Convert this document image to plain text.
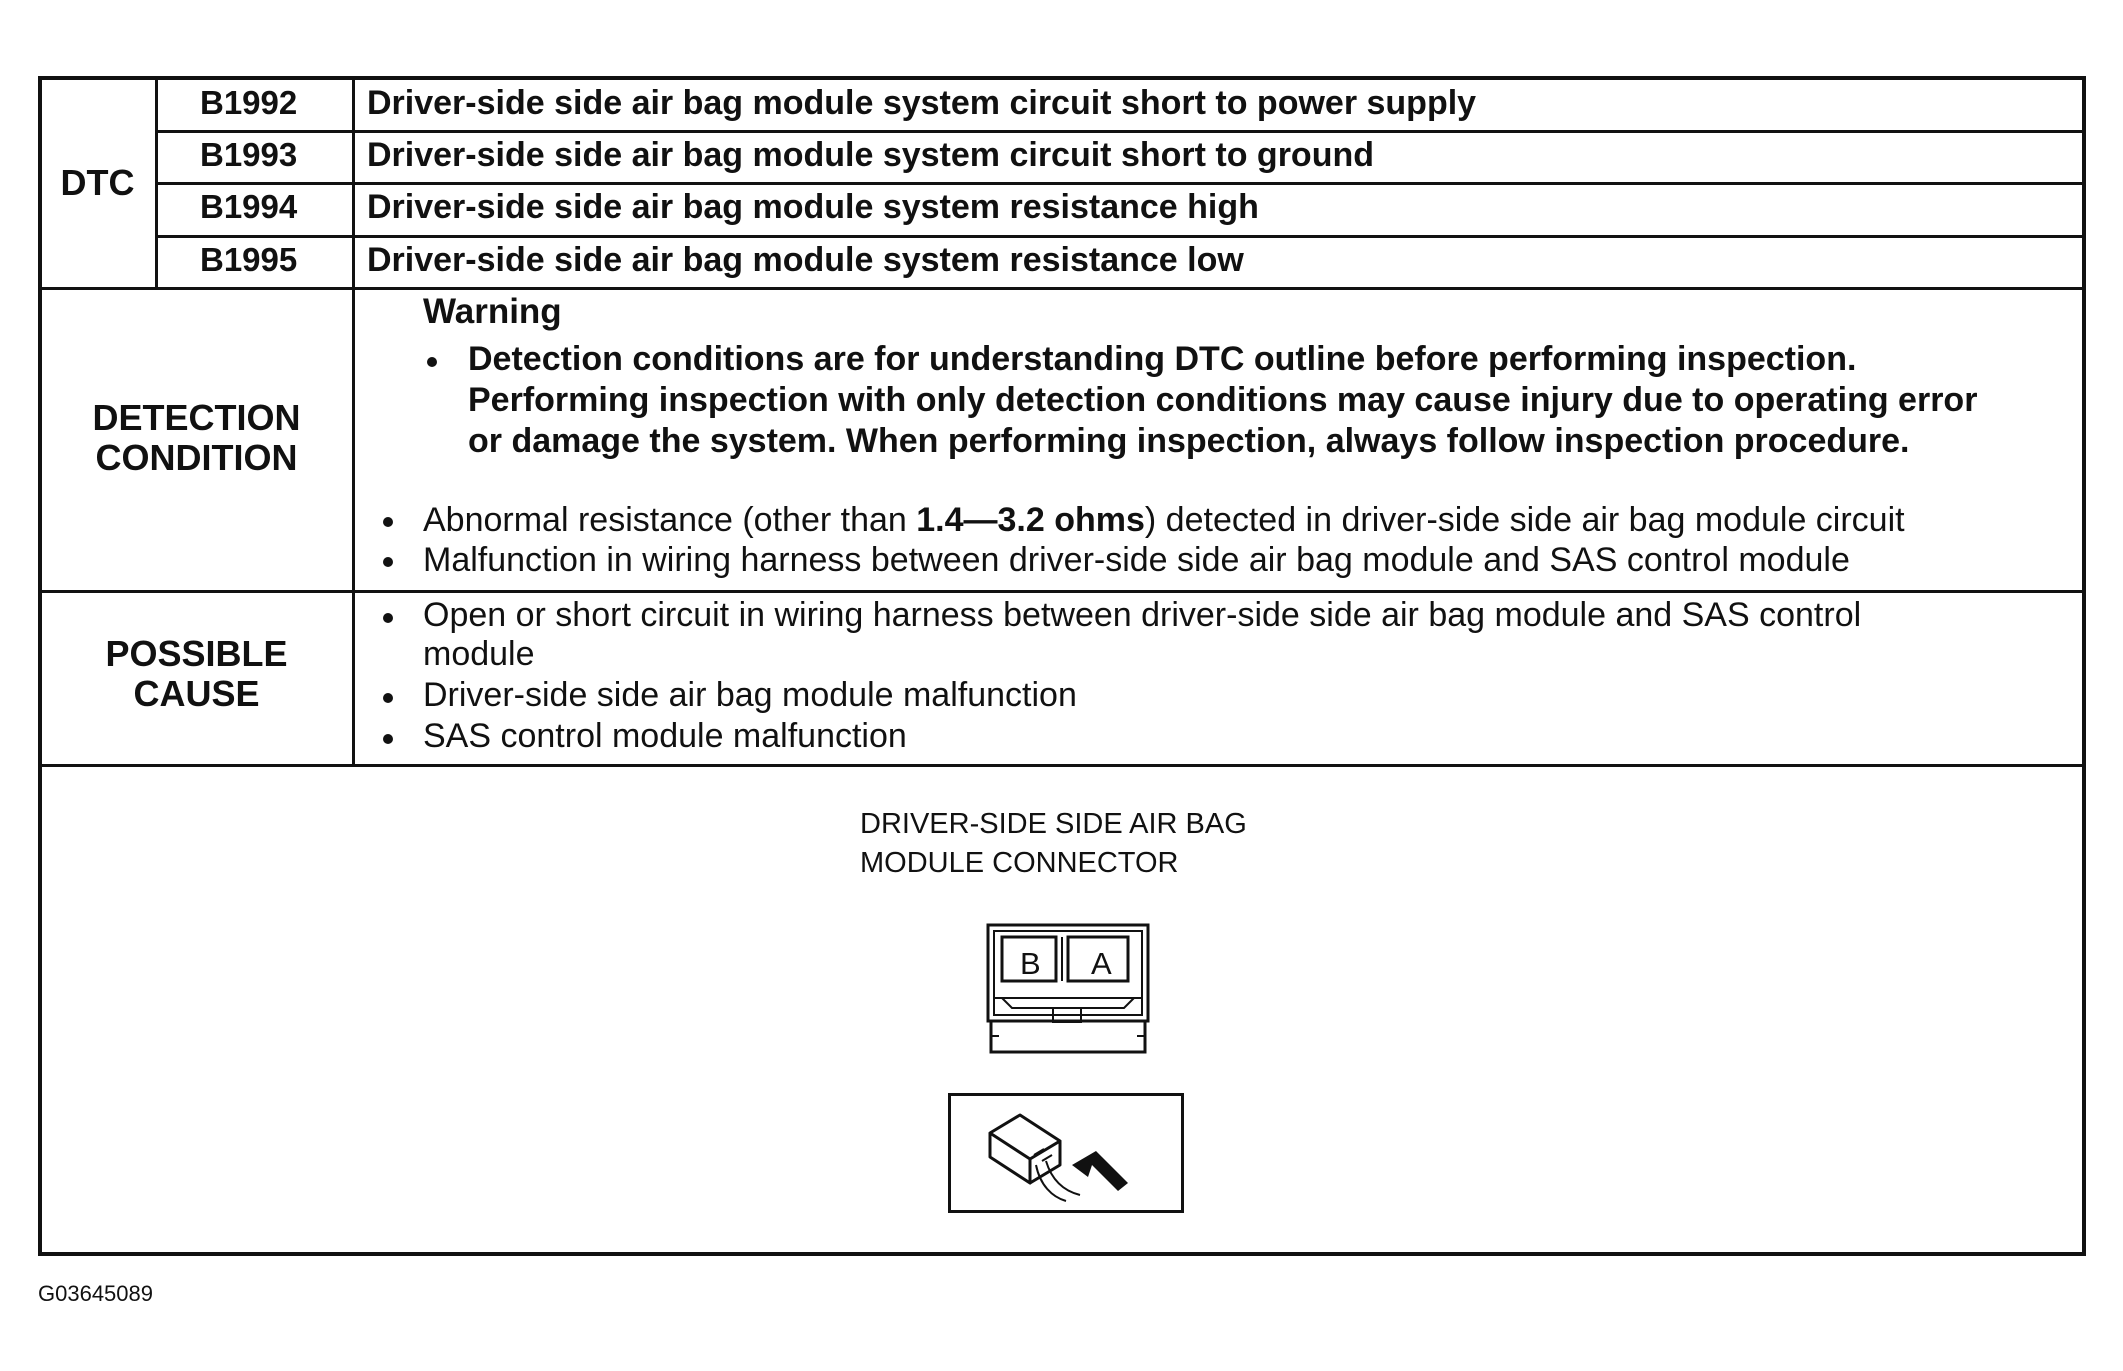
DTC
B1992
B1993
B1994
B1995
Driver-side side air bag module system circuit short to power supply
Driver-side side air bag module system circuit short to ground
Driver-side side air bag module system resistance high
Driver-side side air bag module system resistance low
DETECTION
CONDITION
Warning
Detection conditions are for understanding DTC outline before performing inspection.
Performing inspection with only detection conditions may cause injury due to operating error
or damage the system. When performing inspection, always follow inspection procedure.
Abnormal resistance (other than 1.4—3.2 ohms) detected in driver-side side air bag module circuit
Malfunction in wiring harness between driver-side side air bag module and SAS control module
POSSIBLE
CAUSE
Open or short circuit in wiring harness between driver-side side air bag module and SAS control
module
Driver-side side air bag module malfunction
SAS control module malfunction
DRIVER-SIDE SIDE AIR BAG
MODULE CONNECTOR
B A
G03645089
